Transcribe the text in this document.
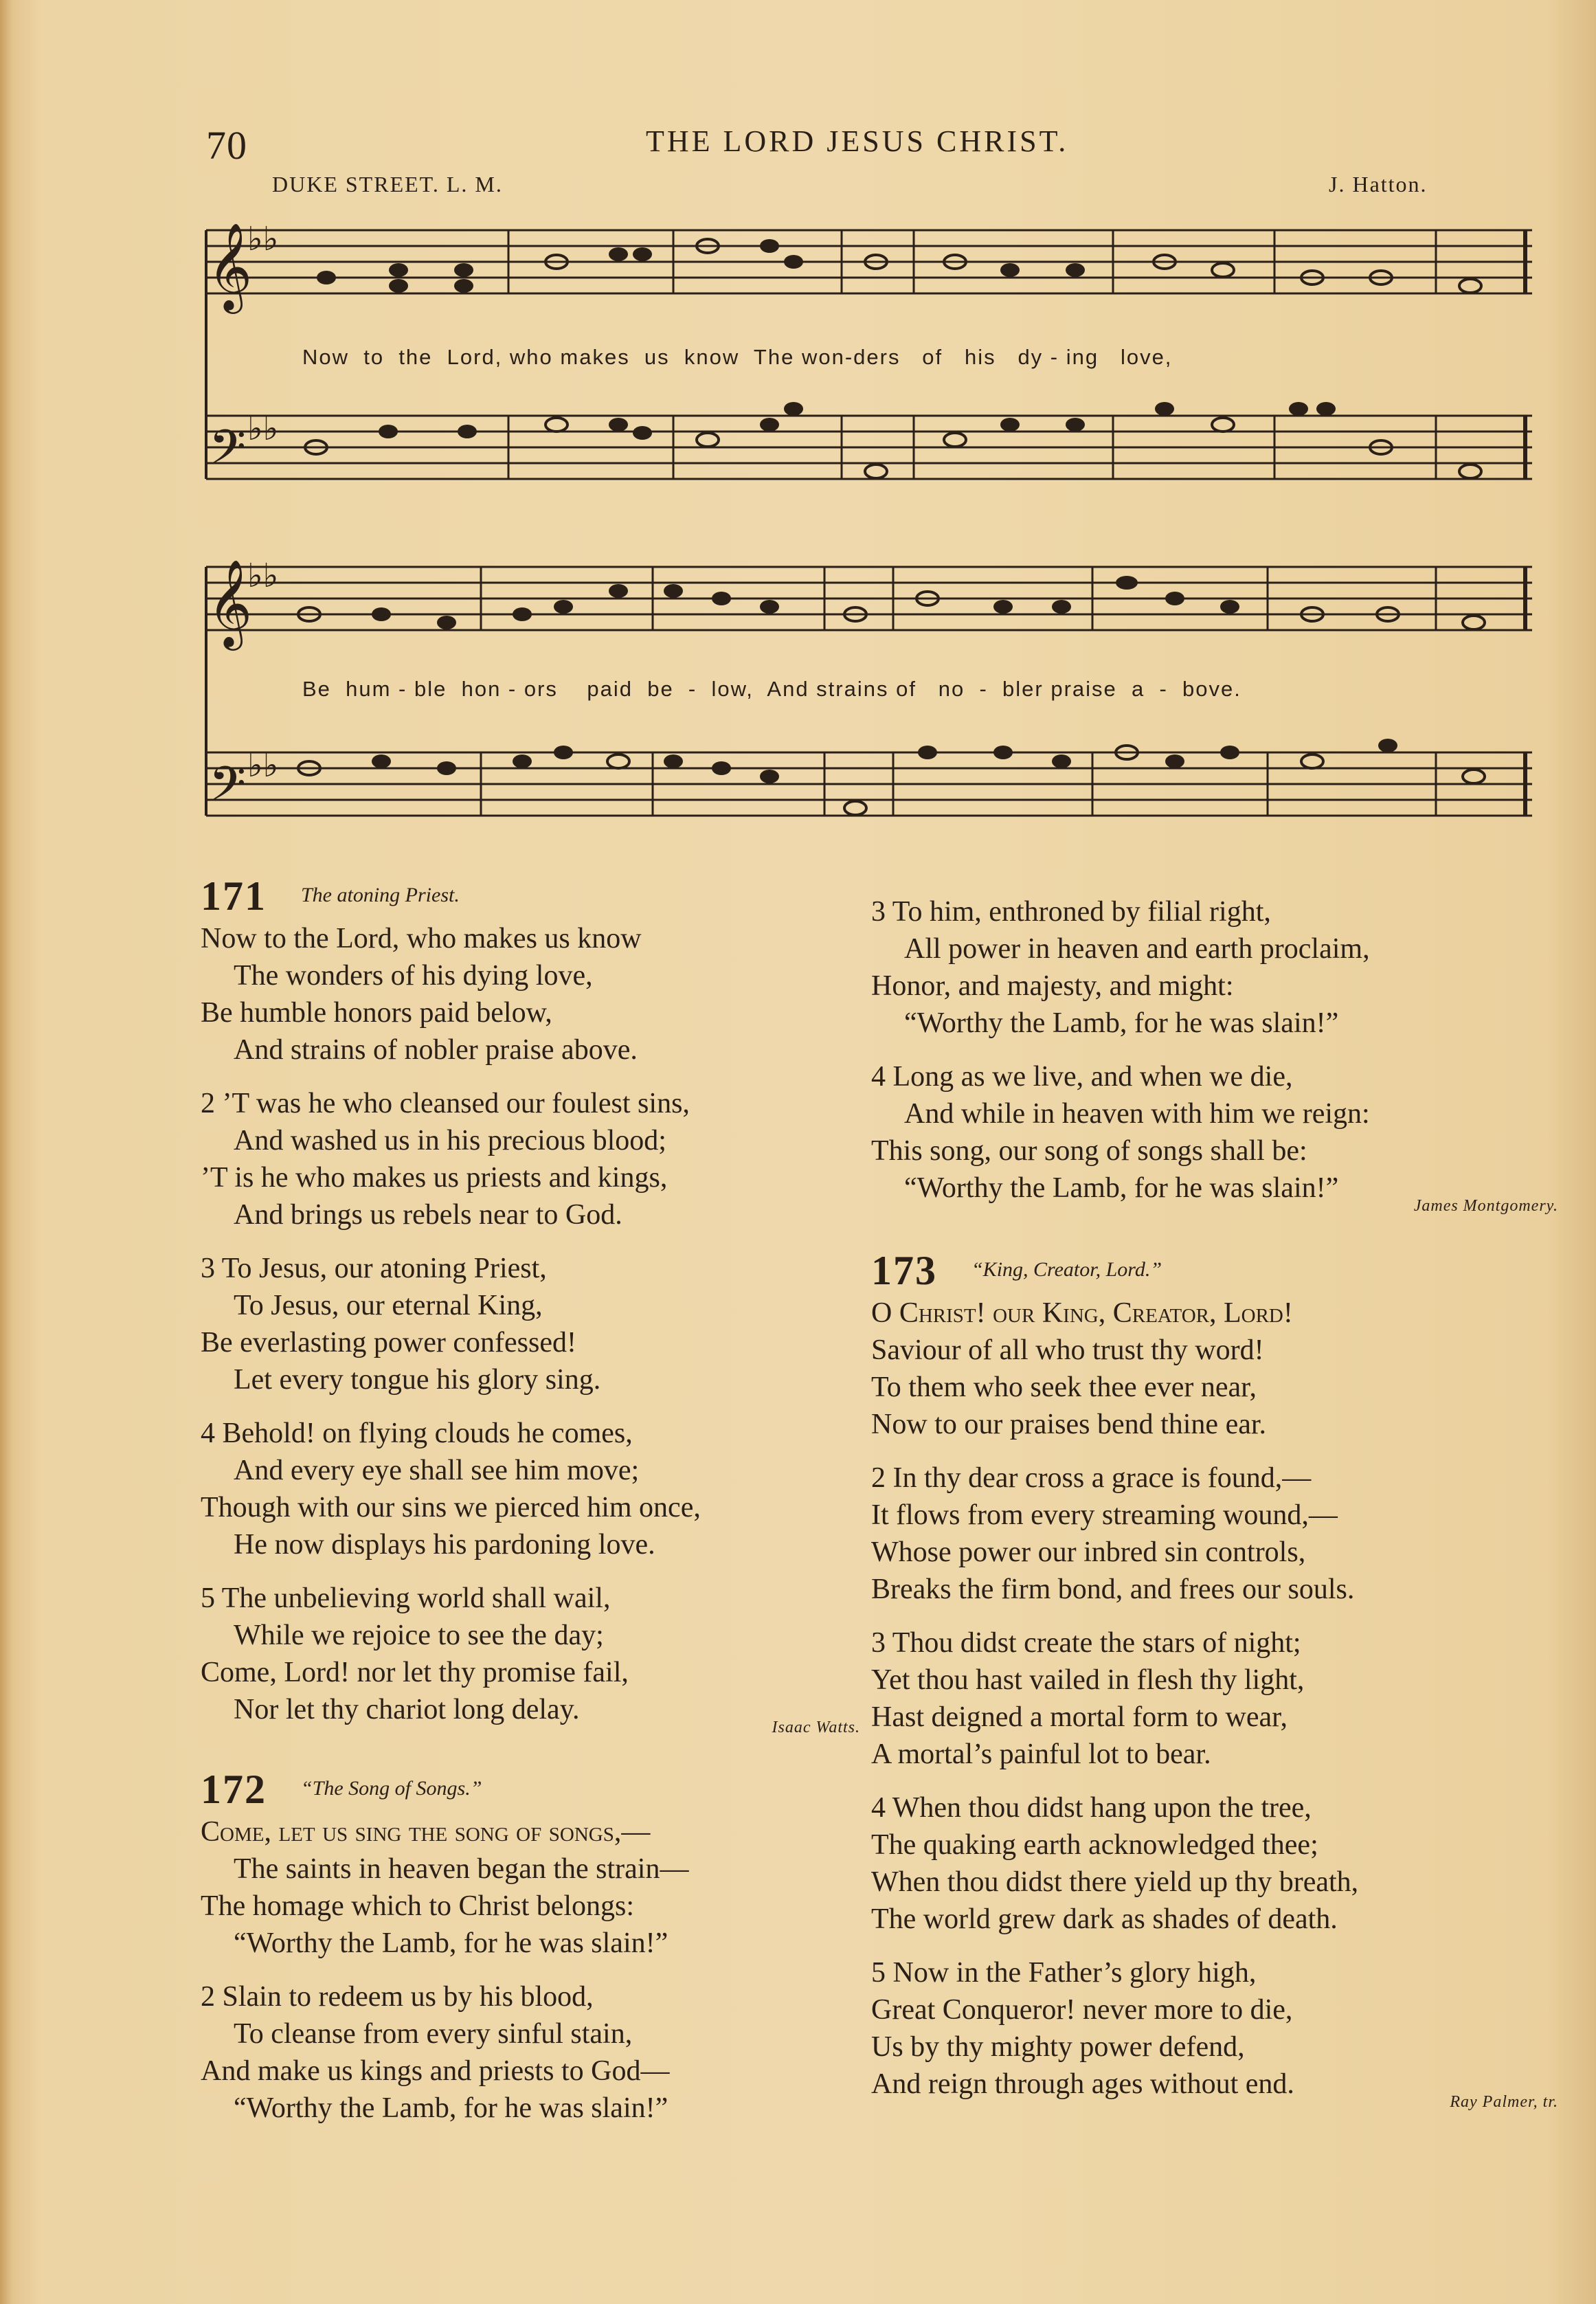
70	THE LORD JESUS CHRIST.
DUKE STREET. L. M.	J. Hatton.
𝄞
𝄢
♭♭
♭♭
Now  to  the  Lord, who makes  us  know  The won-ders   of   his   dy - ing   love,
𝄞
𝄢
♭♭
♭♭
Be  hum - ble  hon - ors    paid  be  -  low,  And strains of   no  -  bler praise  a  -  bove.
171 The atoning Priest.
Now to the Lord, who makes us know
The wonders of his dying love,
Be humble honors paid below,
And strains of nobler praise above.
2 ’T was he who cleansed our foulest sins,
And washed us in his precious blood;
’T is he who makes us priests and kings,
And brings us rebels near to God.
3 To Jesus, our atoning Priest,
To Jesus, our eternal King,
Be everlasting power confessed!
Let every tongue his glory sing.
4 Behold! on flying clouds he comes,
And every eye shall see him move;
Though with our sins we pierced him once,
He now displays his pardoning love.
5 The unbelieving world shall wail,
While we rejoice to see the day;
Come, Lord! nor let thy promise fail,
Nor let thy chariot long delay.
Isaac Watts.
172 “The Song of Songs.”
Come, let us sing the song of songs,—
The saints in heaven began the strain—
The homage which to Christ belongs:
“Worthy the Lamb, for he was slain!”
2 Slain to redeem us by his blood,
To cleanse from every sinful stain,
And make us kings and priests to God—
“Worthy the Lamb, for he was slain!”
3 To him, enthroned by filial right,
All power in heaven and earth proclaim,
Honor, and majesty, and might:
“Worthy the Lamb, for he was slain!”
4 Long as we live, and when we die,
And while in heaven with him we reign:
This song, our song of songs shall be:
“Worthy the Lamb, for he was slain!”
James Montgomery.
173 “King, Creator, Lord.”
O Christ! our King, Creator, Lord!
Saviour of all who trust thy word!
To them who seek thee ever near,
Now to our praises bend thine ear.
2 In thy dear cross a grace is found,—
It flows from every streaming wound,—
Whose power our inbred sin controls,
Breaks the firm bond, and frees our souls.
3 Thou didst create the stars of night;
Yet thou hast vailed in flesh thy light,
Hast deigned a mortal form to wear,
A mortal’s painful lot to bear.
4 When thou didst hang upon the tree,
The quaking earth acknowledged thee;
When thou didst there yield up thy breath,
The world grew dark as shades of death.
5 Now in the Father’s glory high,
Great Conqueror! never more to die,
Us by thy mighty power defend,
And reign through ages without end.
Ray Palmer, tr.
